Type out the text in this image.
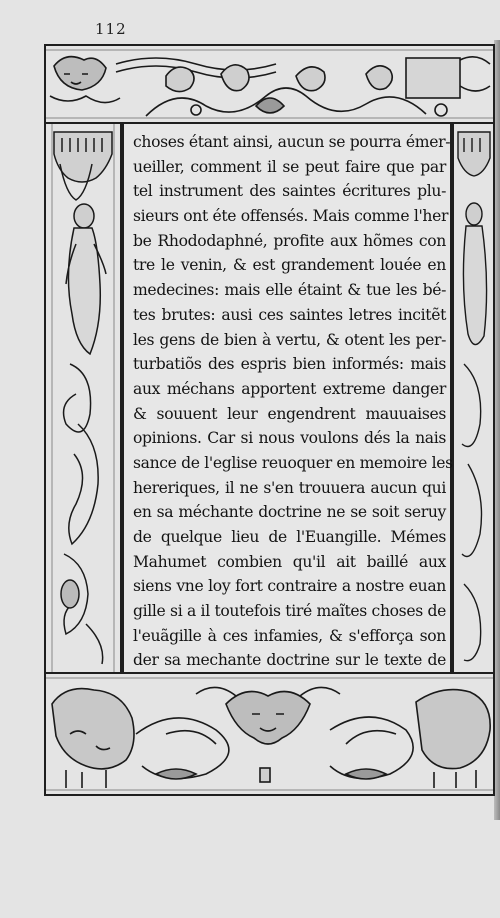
112
choses étant ainsi, aucun se pourra émer-
ueiller, comment il se peut faire que par
tel instrument des saintes écritures plu-
sieurs ont éte offensés. Mais comme l'her
be Rhododaphné, profite aux hõmes con
tre le venin, & est grandement louée en
medecines: mais elle étaint & tue les bé-
tes brutes: ausi ces saintes letres incitẽt
les gens de bien à vertu, & otent les per-
turbatiõs des espris bien informés: mais
aux méchans apportent extreme danger
& souuent leur engendrent mauuaises
opinions. Car si nous voulons dés la nais
sance de l'eglise reuoquer en memoire les
hereriques, il ne s'en trouuera aucun qui
en sa méchante doctrine ne se soit seruy
de quelque lieu de l'Euangille. Mémes
Mahumet combien qu'il ait baillé aux
siens vne loy fort contraire a nostre euan
gille si a il toutefois tiré maĩtes choses de
l'euãgille à ces infamies, & s'efforça son
der sa mechante doctrine sur le texte de
